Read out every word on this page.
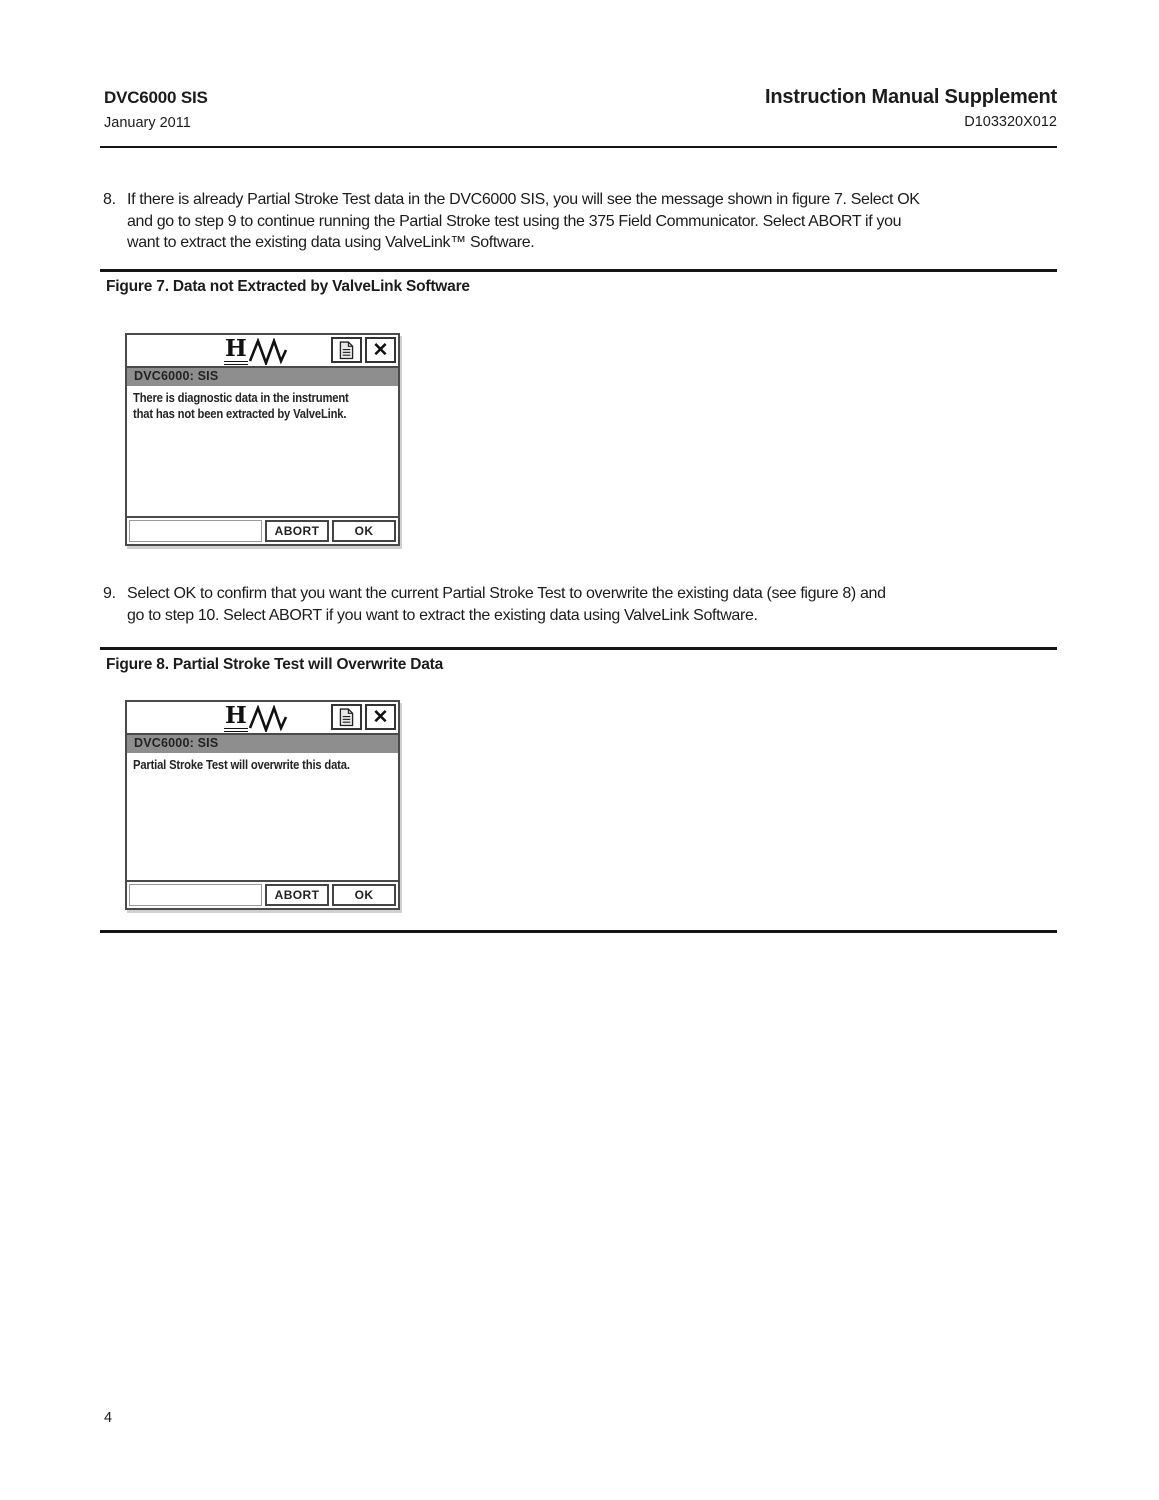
DVC6000 SIS
January 2011
Instruction Manual Supplement
D103320X012
8. If there is already Partial Stroke Test data in the DVC6000 SIS, you will see the message shown in figure 7. Select OK
and go to step 9 to continue running the Partial Stroke test using the 375 Field Communicator. Select ABORT if you
want to extract the existing data using ValveLink™ Software.
Figure 7. Data not Extracted by ValveLink Software
H	✕
DVC6000: SIS
There is diagnostic data in the instrument
that has not been extracted by ValveLink.
ABORT	OK
9. Select OK to confirm that you want the current Partial Stroke Test to overwrite the existing data (see figure 8) and
go to step 10. Select ABORT if you want to extract the existing data using ValveLink Software.
Figure 8. Partial Stroke Test will Overwrite Data
H	✕
DVC6000: SIS
Partial Stroke Test will overwrite this data.
ABORT	OK
4
